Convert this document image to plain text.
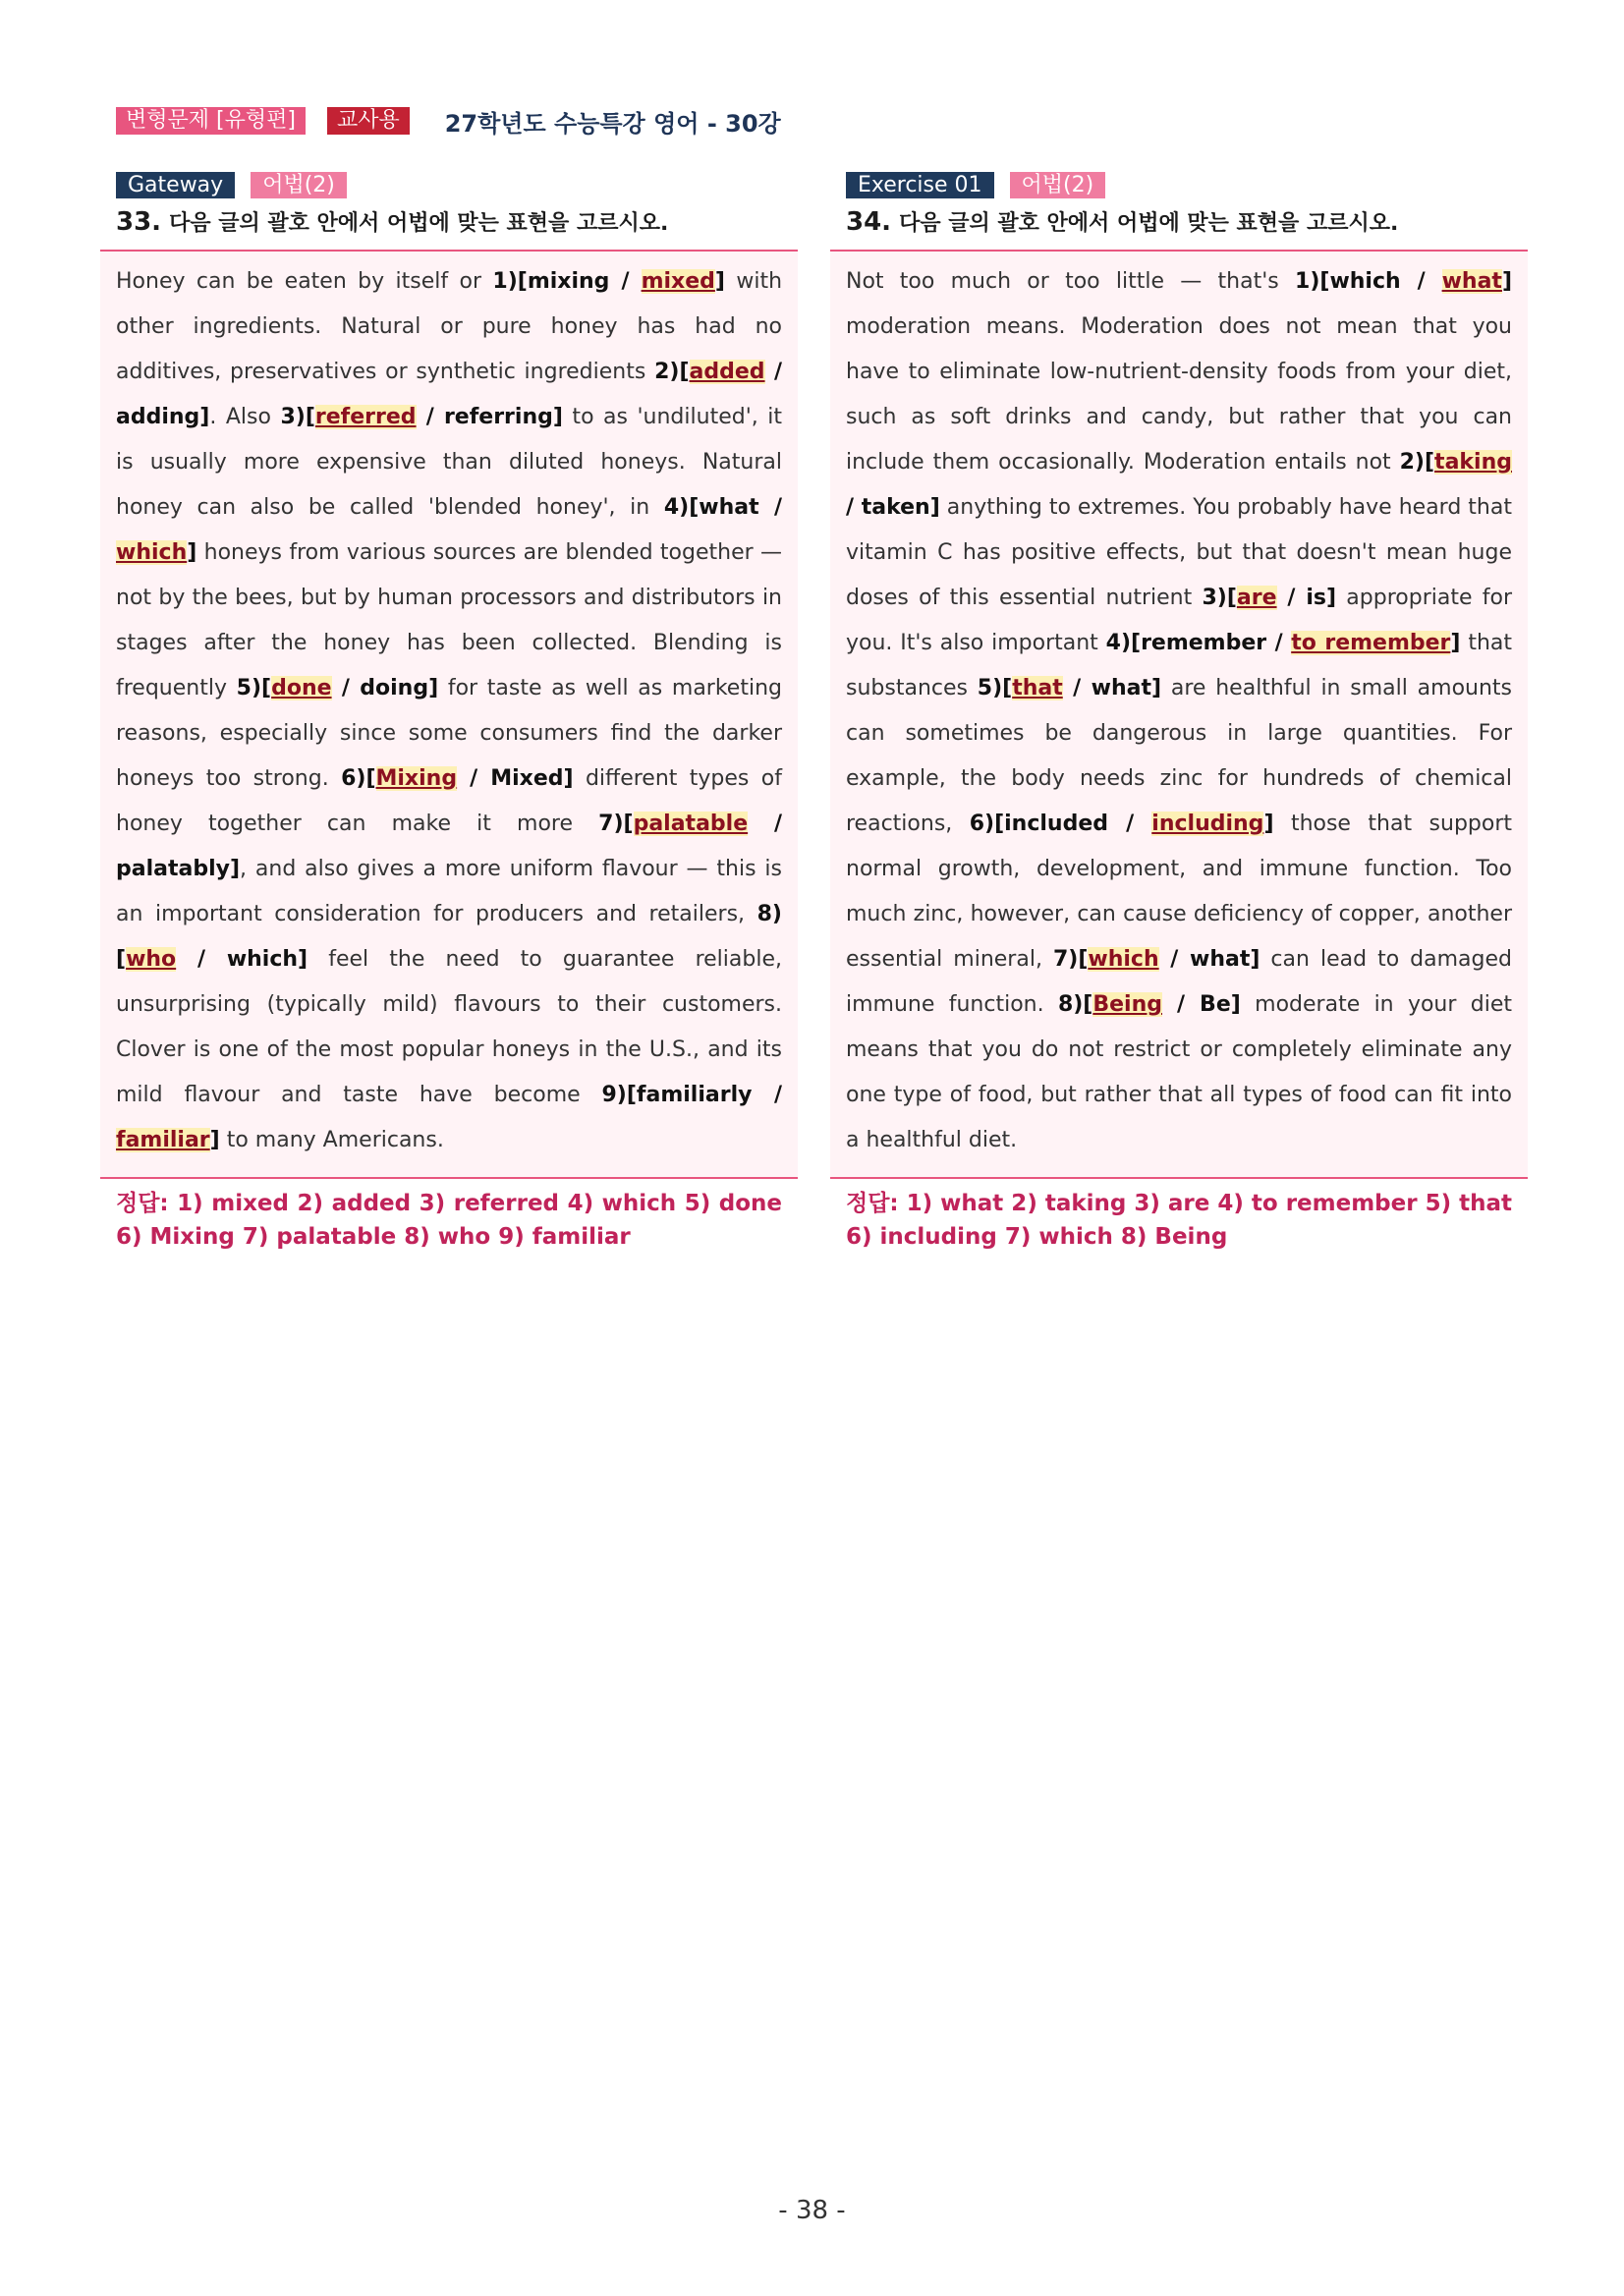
변형문제 [유형편]	교사용	27학년도 수능특강 영어 - 30강
Gateway	어법(2)
33. 다음 글의 괄호 안에서 어법에 맞는 표현을 고르시오.
Honey can be eaten by itself or 1)[mixing / mixed] with other ingredients. Natural or pure honey has had no additives, preservatives or synthetic ingredients 2)[added / adding]. Also 3)[referred / referring] to as 'undiluted', it is usually more expensive than diluted honeys. Natural honey can also be called 'blended honey', in 4)[what / which] honeys from various sources are blended together — not by the bees, but by human processors and distributors in stages after the honey has been collected. Blending is frequently 5)[done / doing] for taste as well as marketing reasons, especially since some consumers find the darker honeys too strong. 6)[Mixing / Mixed] different types of honey together can make it more 7)[palatable / palatably], and also gives a more uniform flavour — this is an important consideration for producers and retailers, 8)[who / which] feel the need to guarantee reliable, unsurprising (typically mild) flavours to their customers. Clover is one of the most popular honeys in the U.S., and its mild flavour and taste have become 9)[familiarly / familiar] to many Americans.
정답: 1) mixed 2) added 3) referred 4) which 5) done 6) Mixing 7) palatable 8) who 9) familiar
Exercise 01	어법(2)
34. 다음 글의 괄호 안에서 어법에 맞는 표현을 고르시오.
Not too much or too little — that's 1)[which / what] moderation means. Moderation does not mean that you have to eliminate low-nutrient-density foods from your diet, such as soft drinks and candy, but rather that you can include them occasionally. Moderation entails not 2)[taking / taken] anything to extremes. You probably have heard that vitamin C has positive effects, but that doesn't mean huge doses of this essential nutrient 3)[are / is] appropriate for you. It's also important 4)[remember / to remember] that substances 5)[that / what] are healthful in small amounts can sometimes be dangerous in large quantities. For example, the body needs zinc for hundreds of chemical reactions, 6)[included / including] those that support normal growth, development, and immune function. Too much zinc, however, can cause deficiency of copper, another essential mineral, 7)[which / what] can lead to damaged immune function. 8)[Being / Be] moderate in your diet means that you do not restrict or completely eliminate any one type of food, but rather that all types of food can fit into a healthful diet.
정답: 1) what 2) taking 3) are 4) to remember 5) that 6) including 7) which 8) Being
- 38 -
